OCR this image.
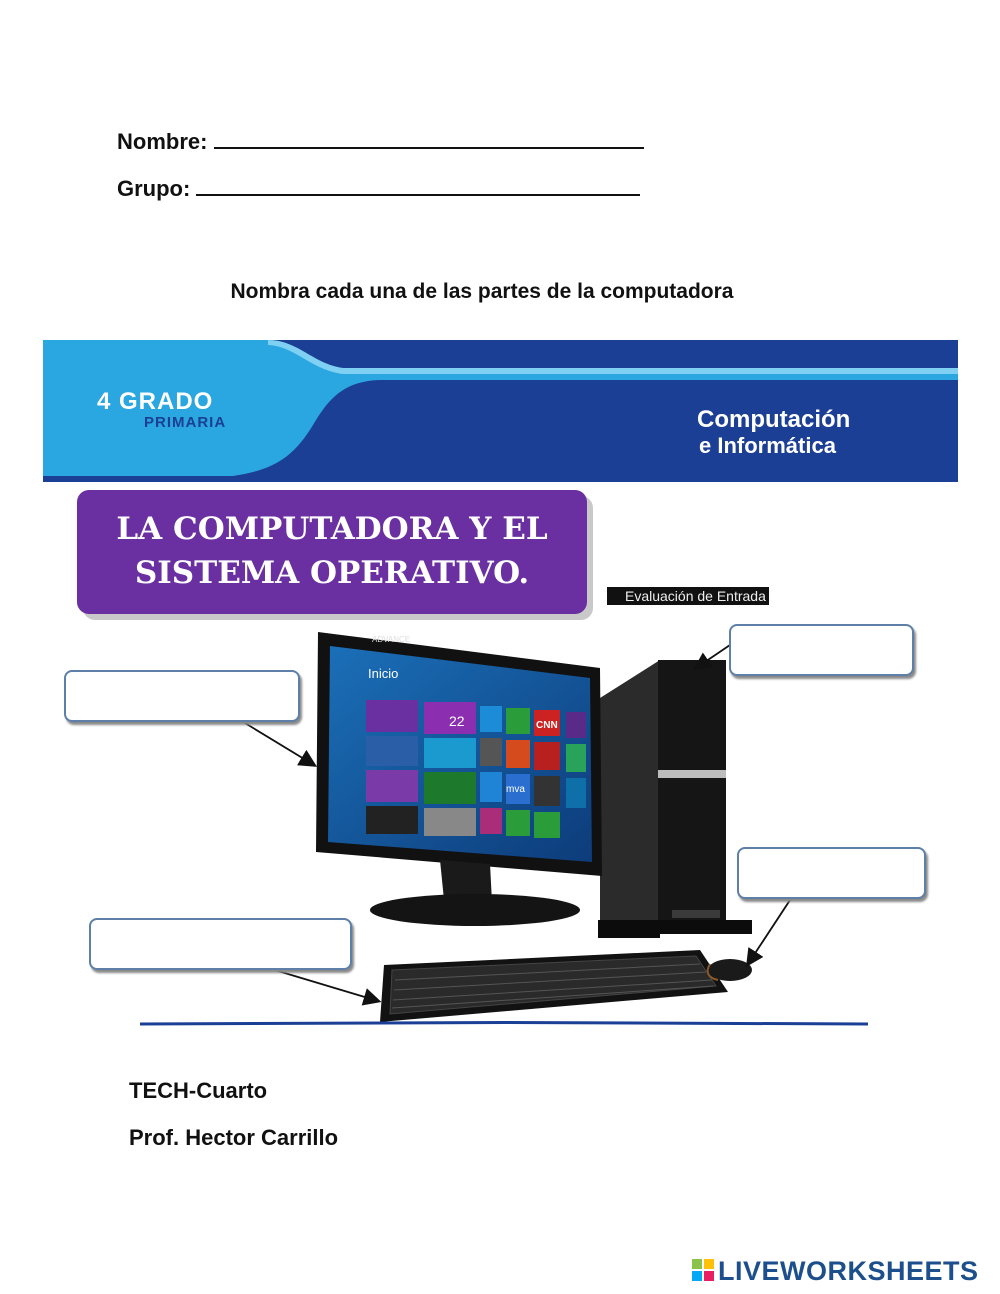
Nombre:
Grupo:
Nombra cada una de las partes de la computadora
4 GRADO
PRIMARIA	Computación
e Informática
LA COMPUTADORA Y EL
SISTEMA OPERATIVO.
Evaluación de Entrada
Inicio
ADVANCE
22	CNN
mva
TECH-Cuarto
Prof. Hector Carrillo
LIVEWORKSHEETS
